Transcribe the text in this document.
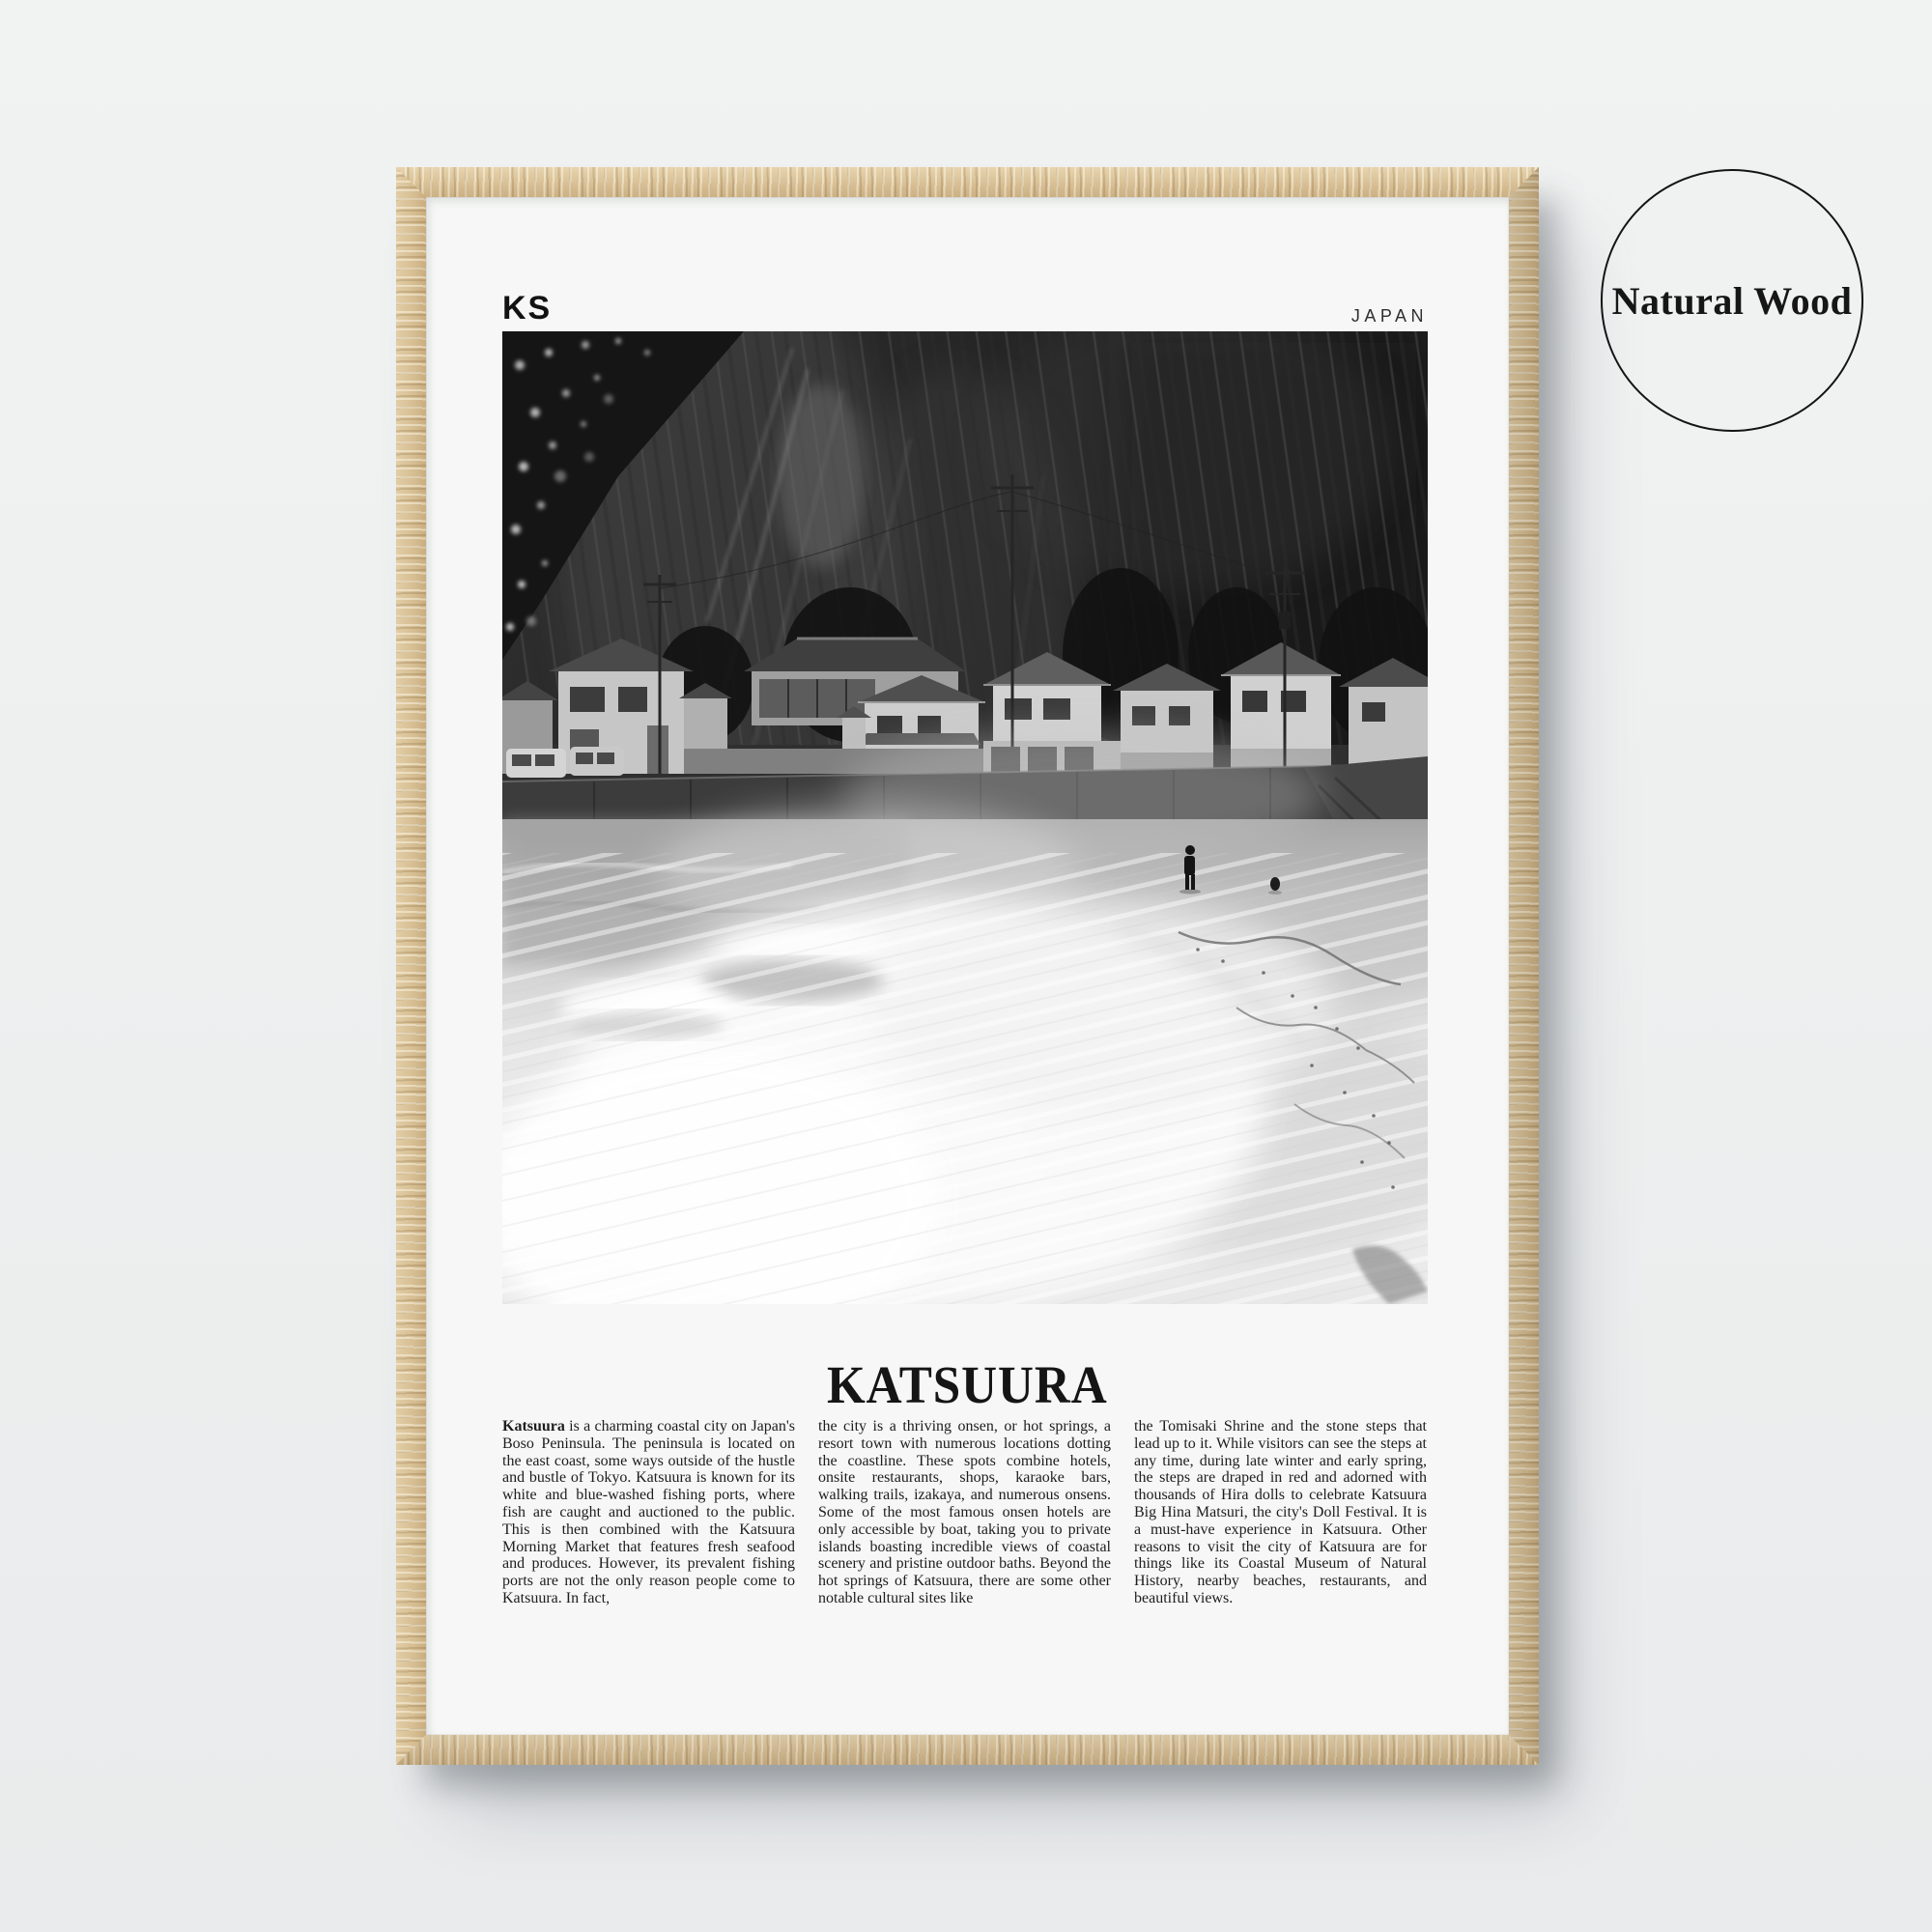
KS	JAPAN
KATSUURA
Katsuura is a charming coastal city on Japan's Boso Peninsula. The peninsula is located on the east coast, some ways outside of the hustle and bustle of Tokyo. Katsuura is known for its white and blue-washed fishing ports, where fish are caught and auctioned to the public. This is then combined with the Katsuura Morning Market that features fresh seafood and produces. However, its prevalent fishing ports are not the only reason people come to Katsuura. In fact,
the city is a thriving onsen, or hot springs, a resort town with numerous locations dotting the coastline. These spots combine hotels, onsite restaurants, shops, karaoke bars, walking trails, izakaya, and numerous onsens. Some of the most famous onsen hotels are only accessible by boat, taking you to private islands boasting incredible views of coastal scenery and pristine outdoor baths. Beyond the hot springs of Katsuura, there are some other notable cultural sites like
the Tomisaki Shrine and the stone steps that lead up to it. While visitors can see the steps at any time, during late winter and early spring, the steps are draped in red and adorned with thousands of Hira dolls to celebrate Katsuura Big Hina Matsuri, the city's Doll Festival. It is a must-have experience in Katsuura. Other reasons to visit the city of Katsuura are for things like its Coastal Museum of Natural History, nearby beaches, restaurants, and beautiful views.
Natural Wood
